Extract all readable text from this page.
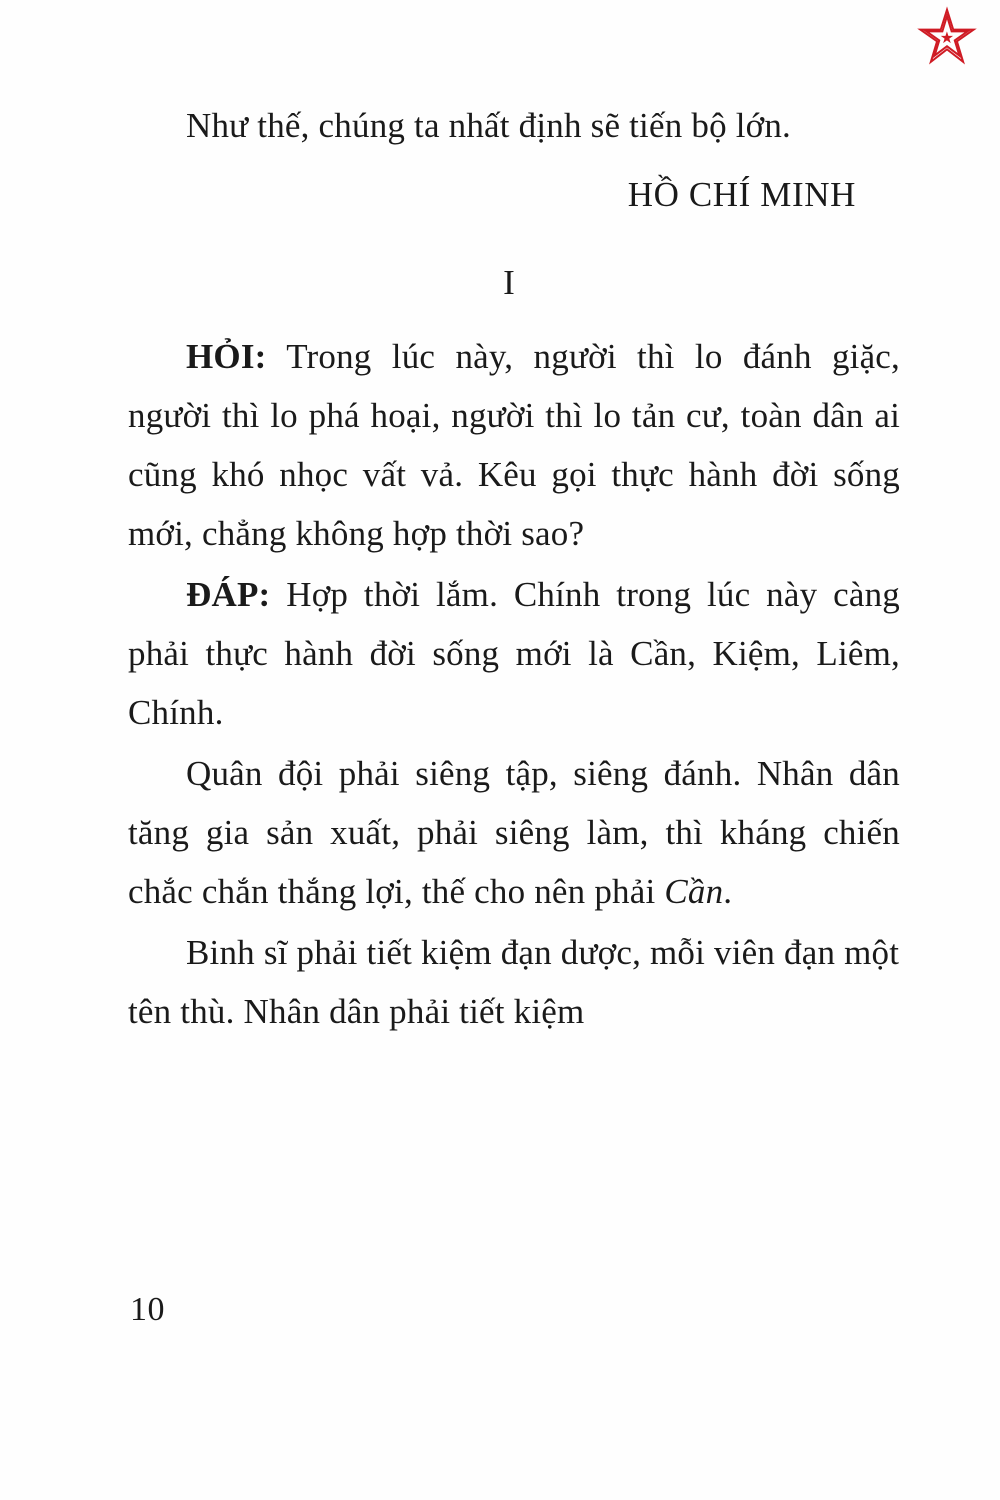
★

Như thế, chúng ta nhất định sẽ tiến bộ lớn.

HỒ CHÍ MINH

I

HỎI: Trong lúc này, người thì lo đánh giặc, người thì lo phá hoại, người thì lo tản cư, toàn dân ai cũng khó nhọc vất vả. Kêu gọi thực hành đời sống mới, chẳng không hợp thời sao?

ĐÁP: Hợp thời lắm. Chính trong lúc này càng phải thực hành đời sống mới là Cần, Kiệm, Liêm, Chính.

Quân đội phải siêng tập, siêng đánh. Nhân dân tăng gia sản xuất, phải siêng làm, thì kháng chiến chắc chắn thắng lợi, thế cho nên phải Cần.

Binh sĩ phải tiết kiệm đạn dược, mỗi viên đạn một tên thù. Nhân dân phải tiết kiệm

10
